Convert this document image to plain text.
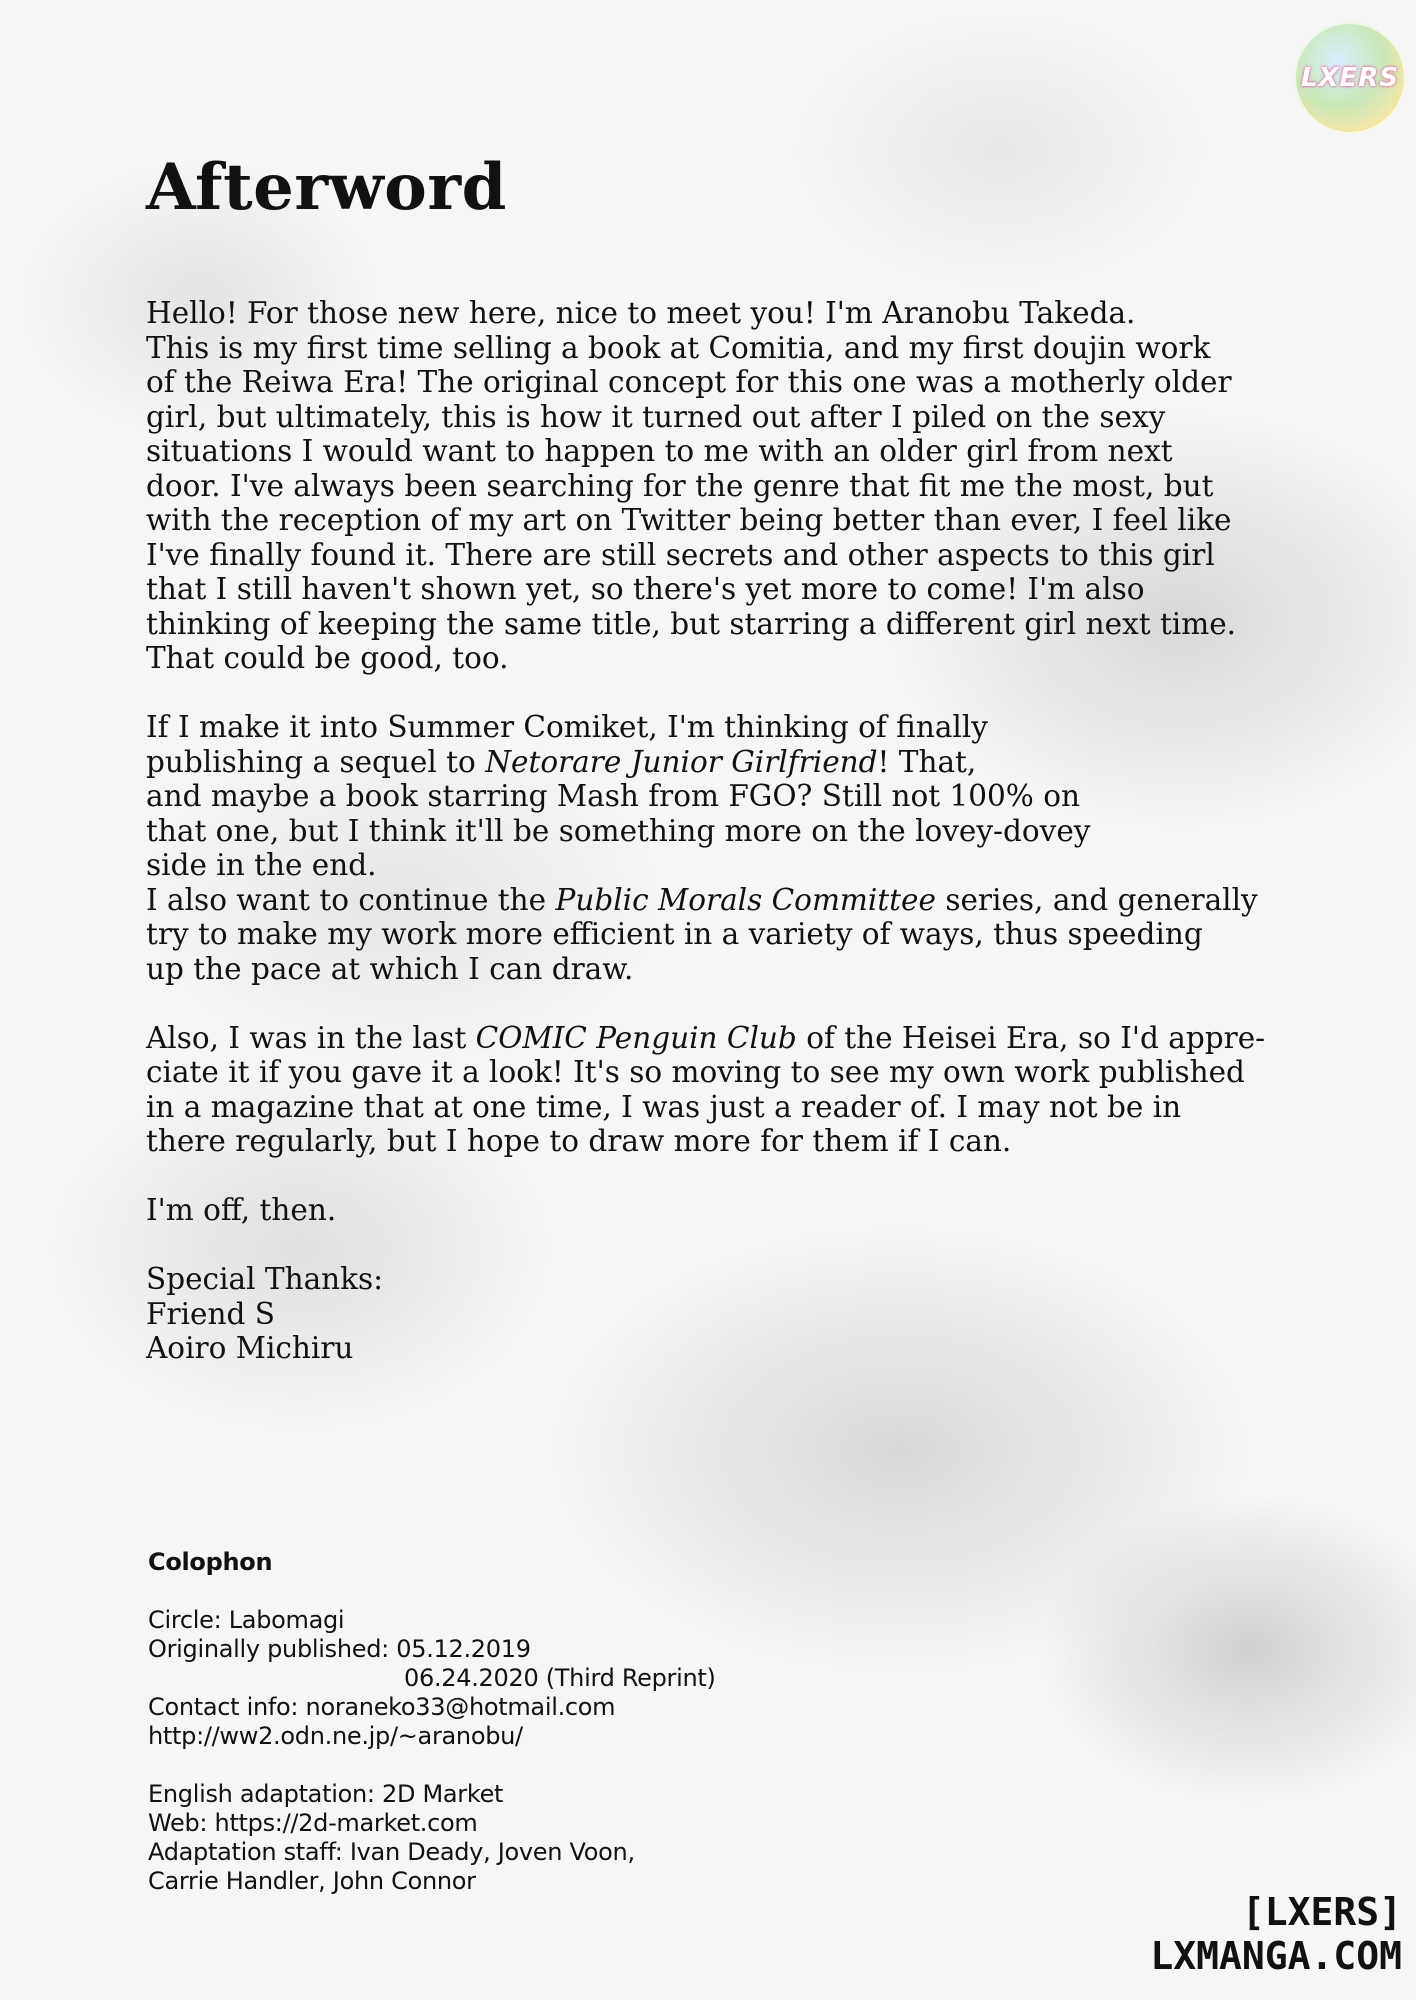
LXERS
Afterword

Hello! For those new here, nice to meet you! I'm Aranobu Takeda.
This is my first time selling a book at Comitia, and my first doujin work
of the Reiwa Era! The original concept for this one was a motherly older
girl, but ultimately, this is how it turned out after I piled on the sexy
situations I would want to happen to me with an older girl from next
door. I've always been searching for the genre that fit me the most, but
with the reception of my art on Twitter being better than ever, I feel like
I've finally found it. There are still secrets and other aspects to this girl
that I still haven't shown yet, so there's yet more to come! I'm also
thinking of keeping the same title, but starring a different girl next time.
That could be good, too.

If I make it into Summer Comiket, I'm thinking of finally
publishing a sequel to Netorare Junior Girlfriend! That,
and maybe a book starring Mash from FGO? Still not 100% on
that one, but I think it'll be something more on the lovey-dovey
side in the end.
I also want to continue the Public Morals Committee series, and generally
try to make my work more efficient in a variety of ways, thus speeding
up the pace at which I can draw.

Also, I was in the last COMIC Penguin Club of the Heisei Era, so I'd appre-
ciate it if you gave it a look! It's so moving to see my own work published
in a magazine that at one time, I was just a reader of. I may not be in
there regularly, but I hope to draw more for them if I can.

I'm off, then.

Special Thanks:
Friend S
Aoiro Michiru

Colophon
Circle: Labomagi
Originally published: 05.12.2019
06.24.2020 (Third Reprint)
Contact info: noraneko33@hotmail.com
http://ww2.odn.ne.jp/~aranobu/
English adaptation: 2D Market
Web: https://2d-market.com
Adaptation staff: Ivan Deady, Joven Voon,
Carrie Handler, John Connor
[LXERS]
LXMANGA.COM
